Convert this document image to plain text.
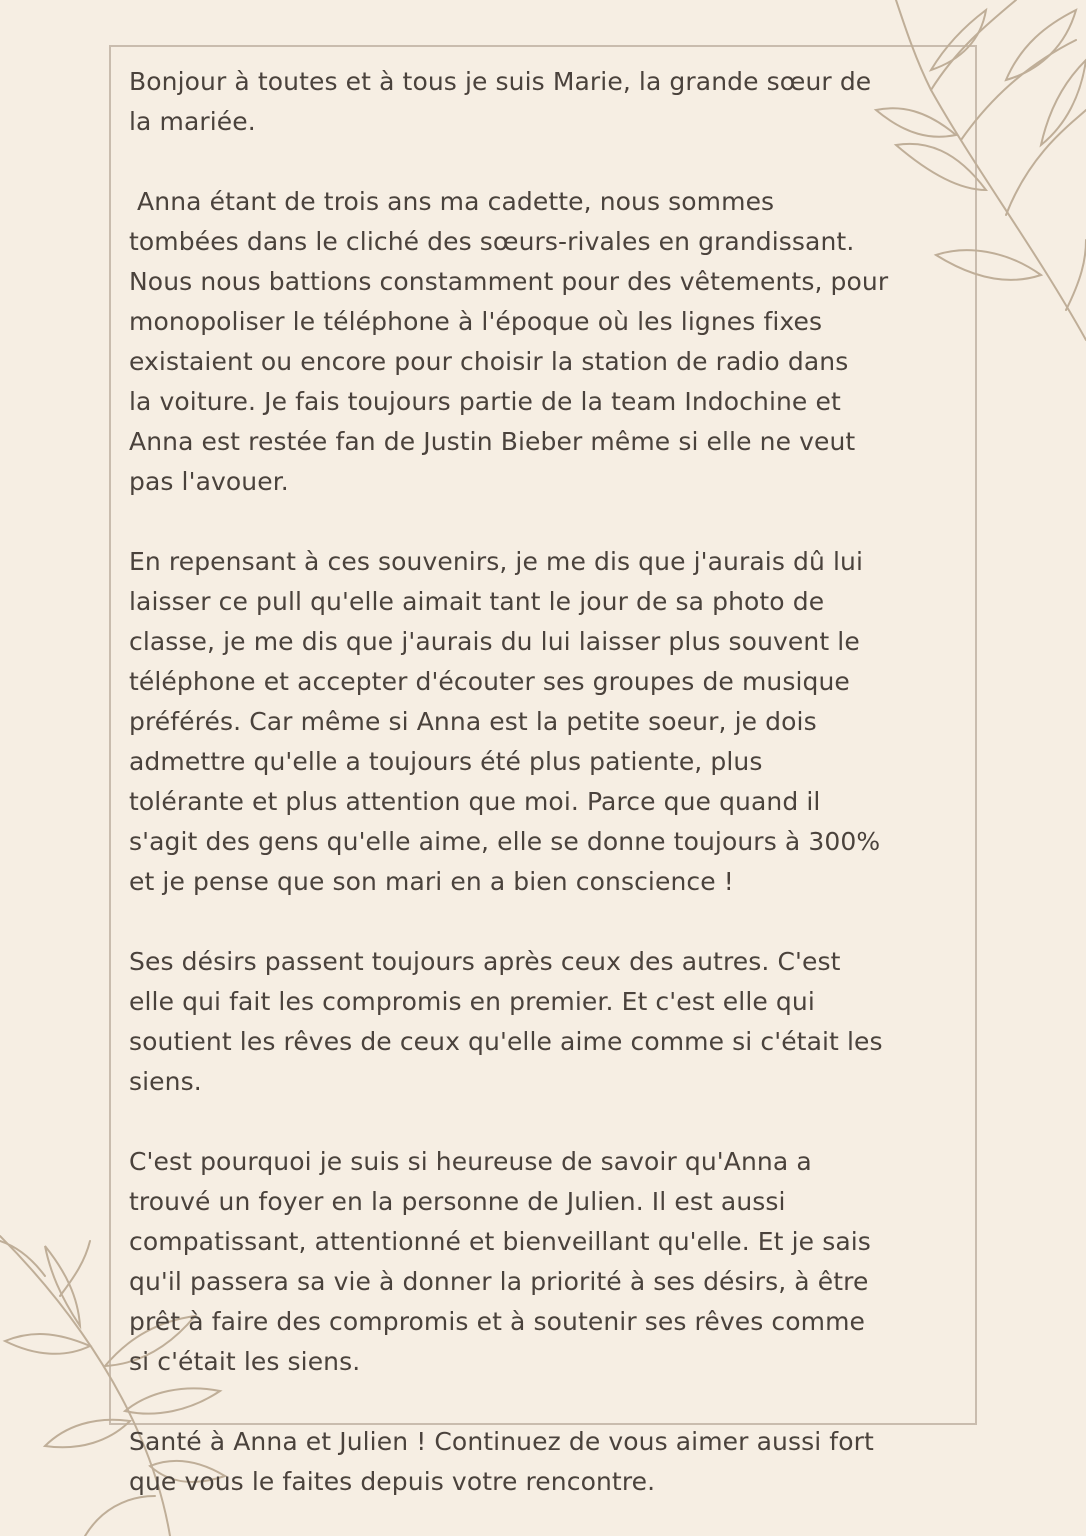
Bonjour à toutes et à tous je suis Marie, la grande sœur de
la mariée.

Anna étant de trois ans ma cadette, nous sommes
tombées dans le cliché des sœurs-rivales en grandissant.
Nous nous battions constamment pour des vêtements, pour
monopoliser le téléphone à l'époque où les lignes fixes
existaient ou encore pour choisir la station de radio dans
la voiture. Je fais toujours partie de la team Indochine et
Anna est restée fan de Justin Bieber même si elle ne veut
pas l'avouer.

En repensant à ces souvenirs, je me dis que j'aurais dû lui
laisser ce pull qu'elle aimait tant le jour de sa photo de
classe, je me dis que j'aurais du lui laisser plus souvent le
téléphone et accepter d'écouter ses groupes de musique
préférés. Car même si Anna est la petite soeur, je dois
admettre qu'elle a toujours été plus patiente, plus
tolérante et plus attention que moi. Parce que quand il
s'agit des gens qu'elle aime, elle se donne toujours à 300%
et je pense que son mari en a bien conscience !

Ses désirs passent toujours après ceux des autres. C'est
elle qui fait les compromis en premier. Et c'est elle qui
soutient les rêves de ceux qu'elle aime comme si c'était les
siens.

C'est pourquoi je suis si heureuse de savoir qu'Anna a
trouvé un foyer en la personne de Julien. Il est aussi
compatissant, attentionné et bienveillant qu'elle. Et je sais
qu'il passera sa vie à donner la priorité à ses désirs, à être
prêt à faire des compromis et à soutenir ses rêves comme
si c'était les siens.

Santé à Anna et Julien ! Continuez de vous aimer aussi fort
que vous le faites depuis votre rencontre.
